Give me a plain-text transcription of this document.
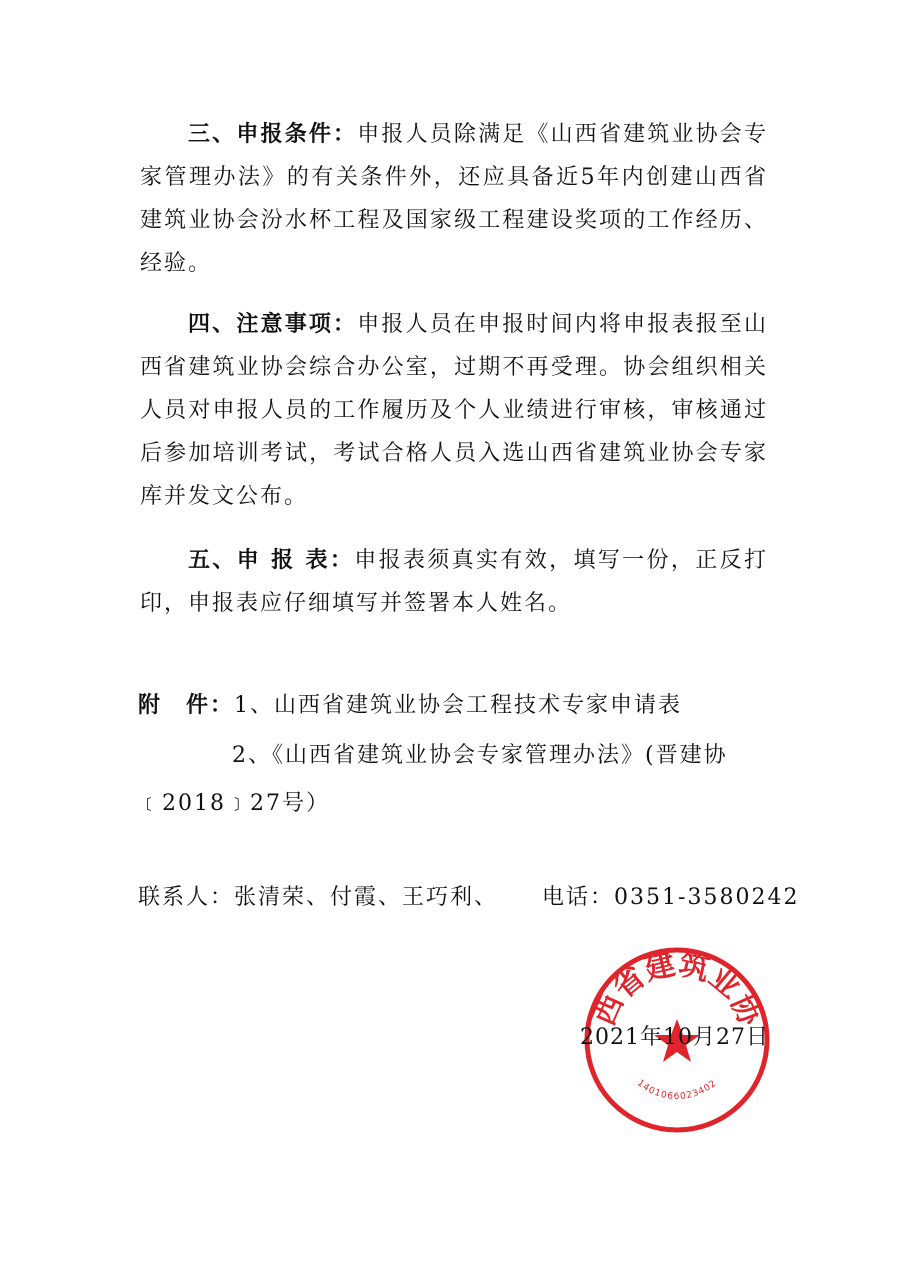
三、申报条件：申报人员除满足《山西省建筑业协会专家管理办法》的有关条件外，还应具备近5年内创建山西省建筑业协会汾水杯工程及国家级工程建设奖项的工作经历、经验。

四、注意事项：申报人员在申报时间内将申报表报至山西省建筑业协会综合办公室，过期不再受理。协会组织相关人员对申报人员的工作履历及个人业绩进行审核，审核通过后参加培训考试，考试合格人员入选山西省建筑业协会专家库并发文公布。

五、申 报 表：申报表须真实有效，填写一份，正反打印，申报表应仔细填写并签署本人姓名。

附　件：1、山西省建筑业协会工程技术专家申请表
2、《山西省建筑业协会专家管理办法》(晋建协
﹝2018﹞27号）
联系人：张清荣、付霞、王巧利、 电话：0351-3580242
西省建筑业协
1401066023402
2021年10月27日
